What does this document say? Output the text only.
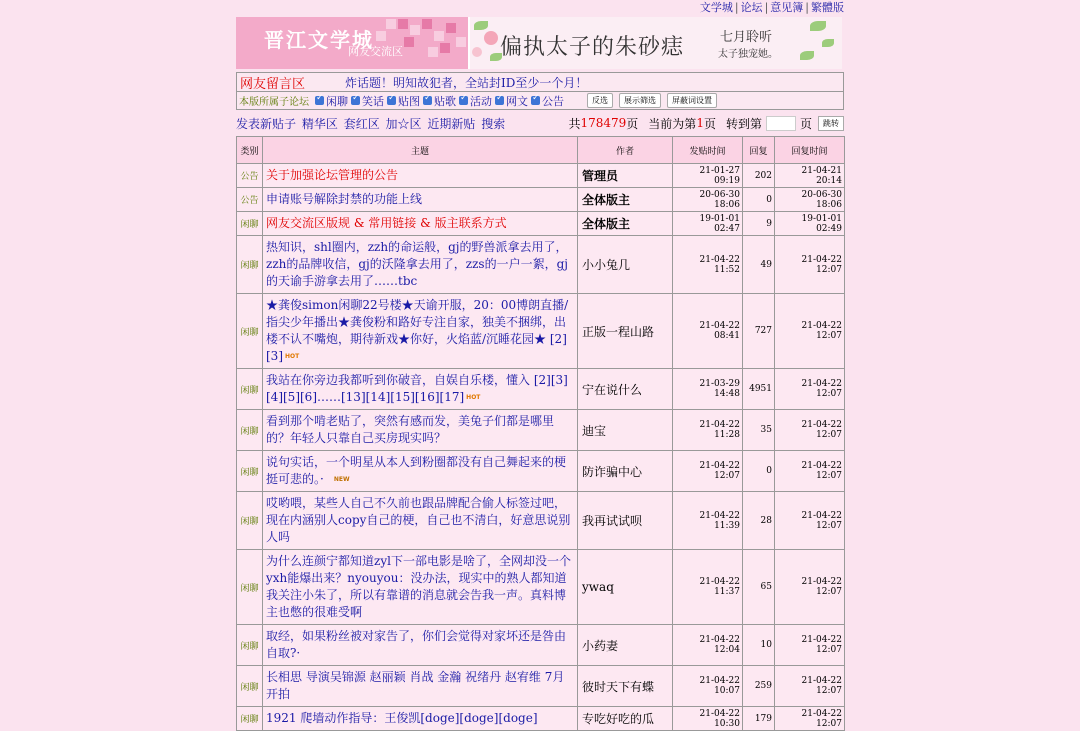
文学城 | 论坛 | 意见簿 | 繁體版
晋江文学城
网友交流区	偏执太子的朱砂痣	七月聆听
太子独宠她。
网友留言区	炸话题！明知故犯者，全站封ID至少一个月！
本版所属子论坛 ✓ 闲聊 ✓ 笑话 ✓ 贴图 ✓ 贴歌 ✓ 活动 ✓ 网文 ✓ 公告	反选	展示筛选	屏蔽词设置
发表新贴子 精华区 套红区 加☆区 近期新贴 搜索	共 178479 页 当前为第 1 页 转到第	页	跳转
类别	主题	作者	发贴时间	回复	回复时间
公告	关于加强论坛管理的公告	管理员	21-01-27 09:19	202	21-04-21 20:14
公告	申请账号解除封禁的功能上线	全体版主	20-06-30 18:06	0	20-06-30 18:06
闲聊	网友交流区版规 & 常用链接 & 版主联系方式	全体版主	19-01-01 02:47	9	19-01-01 02:49
闲聊	热知识，shl圈内，zzh的命运般，gj的野兽派拿去用了，zzh的品牌收信，gj的沃隆拿去用了，zzs的一户一絮，gj的天谕手游拿去用了……tbc	小小兔几	21-04-22 11:52	49	21-04-22 12:07
闲聊	★龚俊simon闲聊22号楼★天谕开服，20：00博朗直播/指尖少年播出★龚俊粉和路好专注自家，独美不捆绑，出楼不认不嘴炮，期待新戏★你好，火焰蓝/沉睡花园★ [2][3] HOT	正版一程山路	21-04-22 08:41	727	21-04-22 12:07
闲聊	我站在你旁边我都听到你破音，自娱自乐楼，懂入 [2][3][4][5][6]……[13][14][15][16][17] HOT	宁在说什么	21-03-29 14:48	4951	21-04-22 12:07
闲聊	看到那个啃老贴了，突然有感而发，美兔子们都是哪里的？年轻人只靠自己买房现实吗？	迪宝	21-04-22 11:28	35	21-04-22 12:07
闲聊	说句实话，一个明星从本人到粉圈都没有自己舞起来的梗挺可悲的。· NEW	防诈骗中心	21-04-22 12:07	0	21-04-22 12:07
闲聊	哎哟喂，某些人自己不久前也跟品牌配合偷人标签过吧，现在内涵别人copy自己的梗，自己也不清白，好意思说别人吗	我再试试呗	21-04-22 11:39	28	21-04-22 12:07
闲聊	为什么连颜宁都知道zyl下一部电影是啥了，全网却没一个yxh能爆出来？nyouyou：没办法，现实中的熟人都知道我关注小朱了，所以有靠谱的消息就会告我一声。真料博主也憋的很难受啊	ywaq	21-04-22 11:37	65	21-04-22 12:07
闲聊	取经，如果粉丝被对家告了，你们会觉得对家坏还是咎由自取?·	小药妻	21-04-22 12:04	10	21-04-22 12:07
闲聊	长相思 导演吴锦源 赵丽颖 肖战 金瀚 祝绪丹 赵宥维 7月开拍	彼时天下有蝶	21-04-22 10:07	259	21-04-22 12:07
闲聊	1921 爬墙动作指导：王俊凯[doge][doge][doge]	专吃好吃的瓜	21-04-22 10:30	179	21-04-22 12:07
